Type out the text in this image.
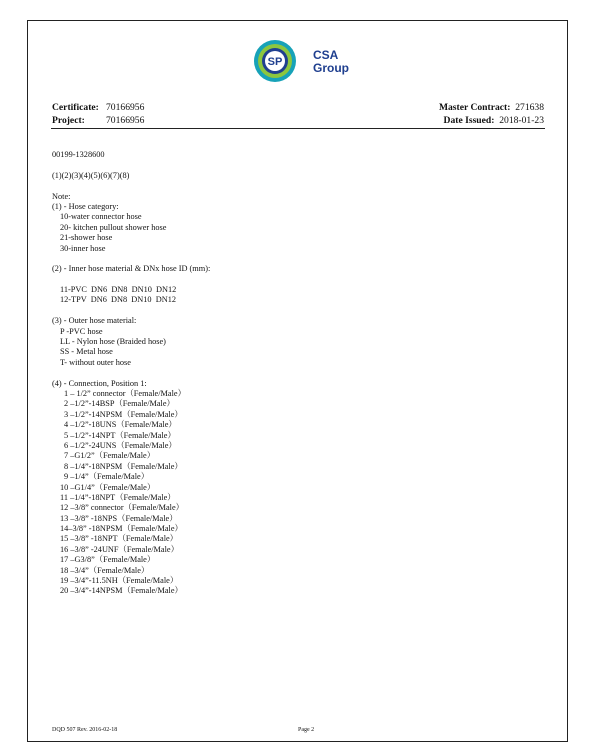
SP	CSA
Group
Certificate: 70166956
Project: 70166956
Master Contract: 271638
Date Issued: 2018-01-23
00199-1328600
(1)(2)(3)(4)(5)(6)(7)(8)
Note:
(1) - Hose category:
10-water connector hose
20- kitchen pullout shower hose
21-shower hose
30-inner hose
(2) - Inner hose material & DNx hose ID (mm):
11-PVC  DN6  DN8  DN10  DN12
12-TPV  DN6  DN8  DN10  DN12
(3) - Outer hose material:
P -PVC hose
LL - Nylon hose (Braided hose)
SS - Metal hose
T- without outer hose
(4) - Connection, Position 1:
1 – 1/2” connector（Female/Male）
2 –1/2”-14BSP（Female/Male）
3 –1/2”-14NPSM（Female/Male）
4 –1/2”-18UNS（Female/Male）
5 –1/2”-14NPT（Female/Male）
6 –1/2”-24UNS（Female/Male）
7 –G1/2”（Female/Male）
8 –1/4”-18NPSM（Female/Male）
9 –1/4”（Female/Male）
10 –G1/4”（Female/Male）
11 –1/4”-18NPT（Female/Male）
12 –3/8” connector（Female/Male）
13 –3/8” -18NPS（Female/Male）
14–3/8” -18NPSM（Female/Male）
15 –3/8” -18NPT（Female/Male）
16 –3/8” -24UNF（Female/Male）
17 –G3/8”（Female/Male）
18 –3/4”（Female/Male）
19 –3/4”-11.5NH（Female/Male）
20 –3/4”-14NPSM（Female/Male）
DQD 507 Rev. 2016-02-18	Page 2
